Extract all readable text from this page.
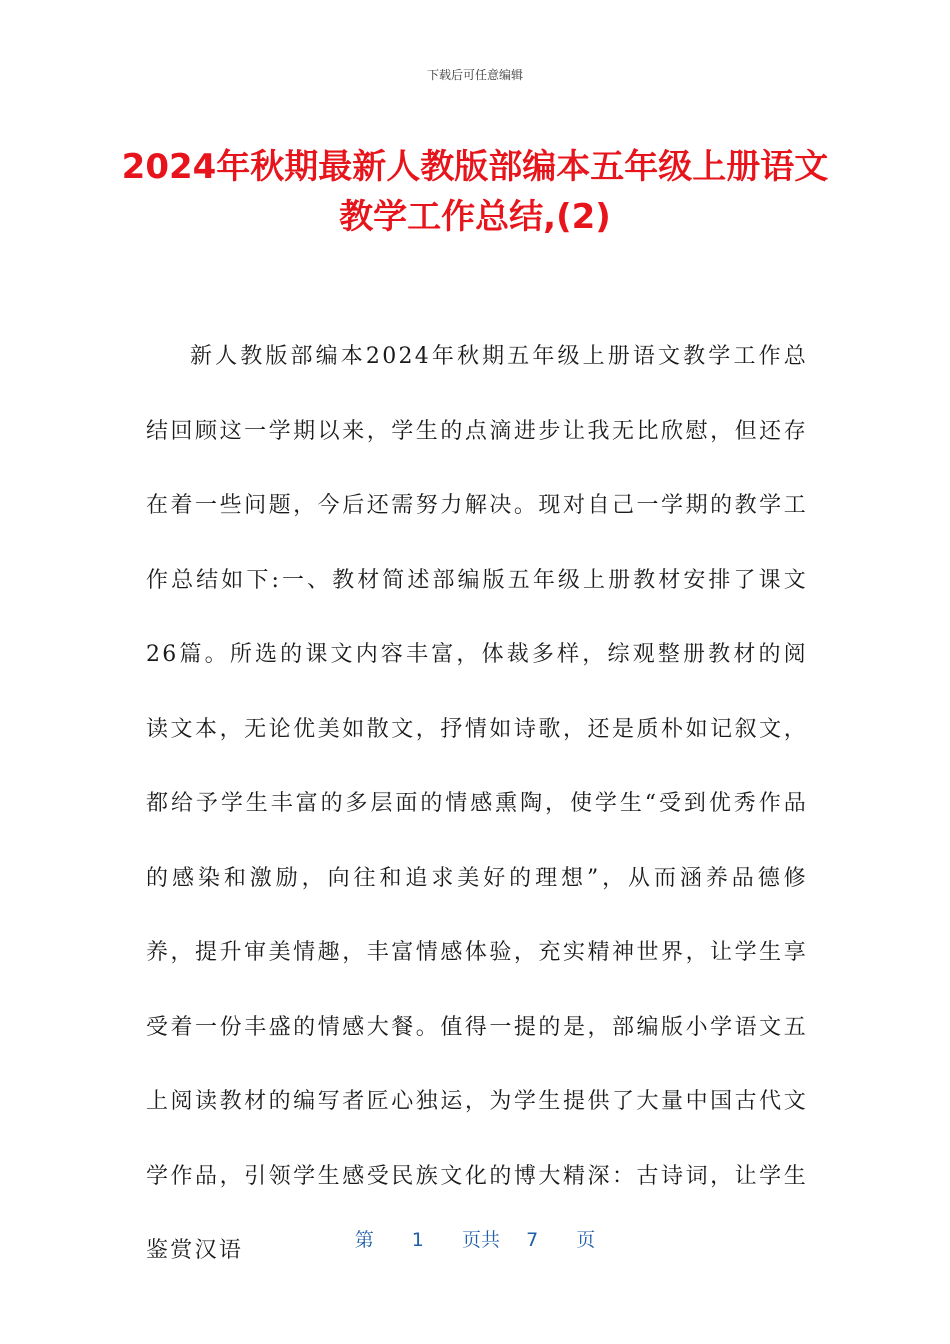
下载后可任意编辑
2024年秋期最新人教版部编本五年级上册语文教学工作总结,(2)

新人教版部编本2024年秋期五年级上册语文教学工作总结回顾这一学期以来，学生的点滴进步让我无比欣慰，但还存在着一些问题，今后还需努力解决。现对自己一学期的教学工作总结如下:一、教材简述部编版五年级上册教材安排了课文26篇。所选的课文内容丰富，体裁多样，综观整册教材的阅读文本，无论优美如散文，抒情如诗歌，还是质朴如记叙文，都给予学生丰富的多层面的情感熏陶，使学生“受到优秀作品的感染和激励，向往和追求美好的理想”，从而涵养品德修养，提升审美情趣，丰富情感体验，充实精神世界，让学生享受着一份丰盛的情感大餐。值得一提的是，部编版小学语文五上阅读教材的编写者匠心独运，为学生提供了大量中国古代文学作品，引领学生感受民族文化的博大精深：古诗词，让学生鉴赏汉语	第 1 页共 7 页
